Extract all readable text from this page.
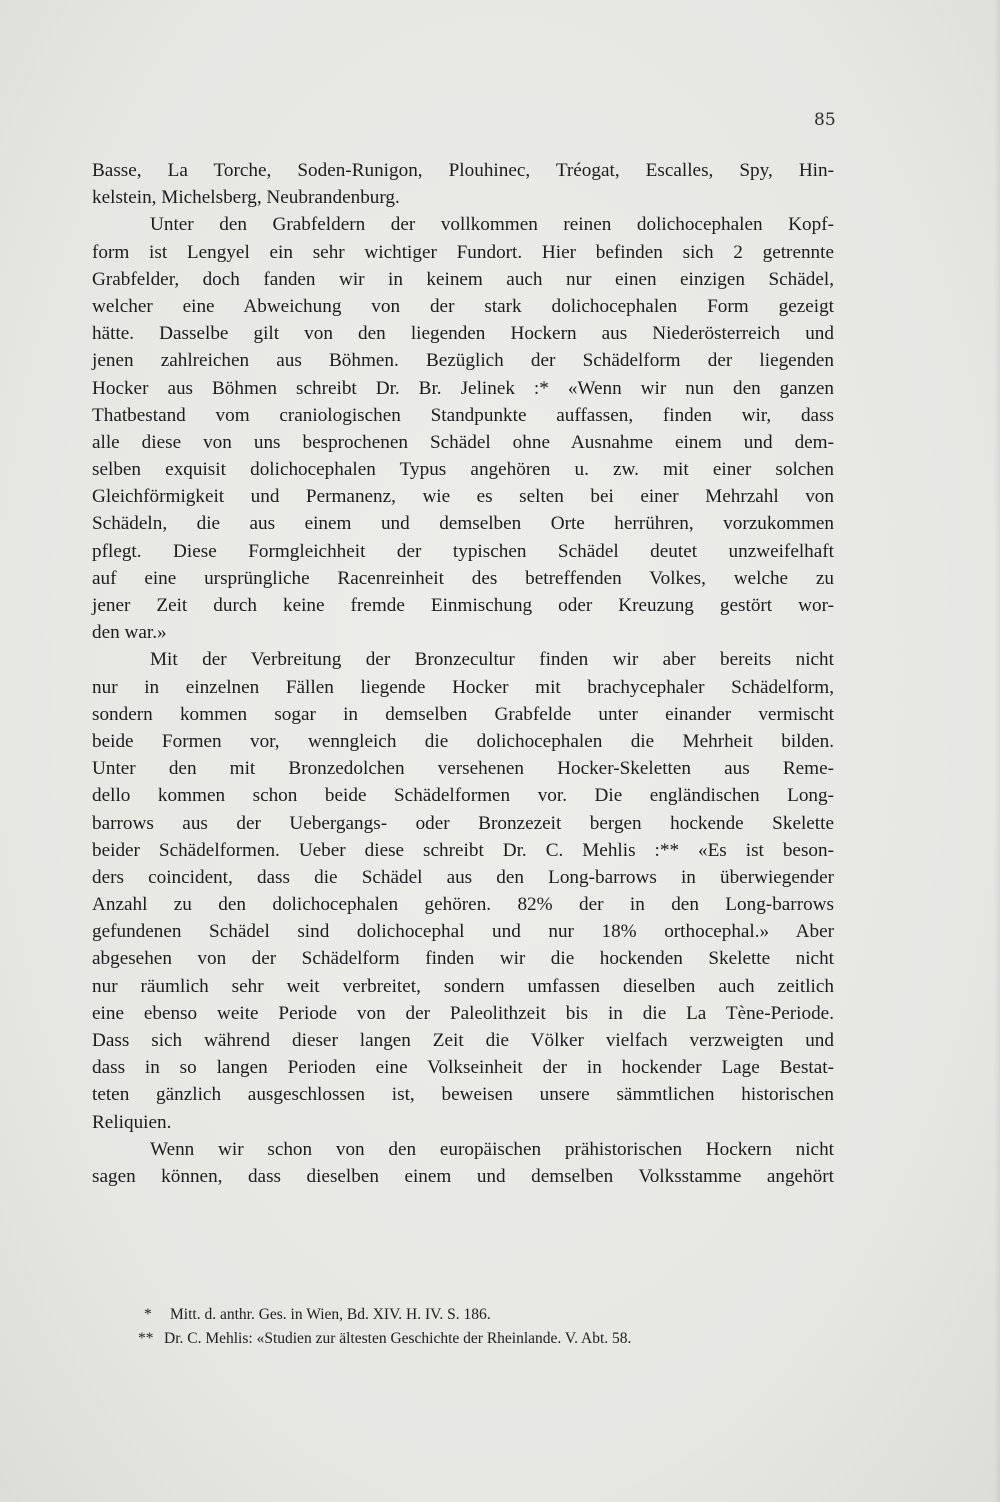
85
Basse, La Torche, Soden-Runigon, Plouhinec, Tréogat, Escalles, Spy, Hin-
kelstein, Michelsberg, Neubrandenburg.
Unter den Grabfeldern der vollkommen reinen dolichocephalen Kopf-
form ist Lengyel ein sehr wichtiger Fundort. Hier befinden sich 2 getrennte
Grabfelder, doch fanden wir in keinem auch nur einen einzigen Schädel,
welcher eine Abweichung von der stark dolichocephalen Form gezeigt
hätte. Dasselbe gilt von den liegenden Hockern aus Niederösterreich und
jenen zahlreichen aus Böhmen. Bezüglich der Schädelform der liegenden
Hocker aus Böhmen schreibt Dr. Br. Jelinek :* «Wenn wir nun den ganzen
Thatbestand vom craniologischen Standpunkte auffassen, finden wir, dass
alle diese von uns besprochenen Schädel ohne Ausnahme einem und dem-
selben exquisit dolichocephalen Typus angehören u. zw. mit einer solchen
Gleichförmigkeit und Permanenz, wie es selten bei einer Mehrzahl von
Schädeln, die aus einem und demselben Orte herrühren, vorzukommen
pflegt. Diese Formgleichheit der typischen Schädel deutet unzweifelhaft
auf eine ursprüngliche Racenreinheit des betreffenden Volkes, welche zu
jener Zeit durch keine fremde Einmischung oder Kreuzung gestört wor-
den war.»
Mit der Verbreitung der Bronzecultur finden wir aber bereits nicht
nur in einzelnen Fällen liegende Hocker mit brachycephaler Schädelform,
sondern kommen sogar in demselben Grabfelde unter einander vermischt
beide Formen vor, wenngleich die dolichocephalen die Mehrheit bilden.
Unter den mit Bronzedolchen versehenen Hocker-Skeletten aus Reme-
dello kommen schon beide Schädelformen vor. Die engländischen Long-
barrows aus der Uebergangs- oder Bronzezeit bergen hockende Skelette
beider Schädelformen. Ueber diese schreibt Dr. C. Mehlis :** «Es ist beson-
ders coincident, dass die Schädel aus den Long-barrows in überwiegender
Anzahl zu den dolichocephalen gehören. 82% der in den Long-barrows
gefundenen Schädel sind dolichocephal und nur 18% orthocephal.» Aber
abgesehen von der Schädelform finden wir die hockenden Skelette nicht
nur räumlich sehr weit verbreitet, sondern umfassen dieselben auch zeitlich
eine ebenso weite Periode von der Paleolithzeit bis in die La Tène-Periode.
Dass sich während dieser langen Zeit die Völker vielfach verzweigten und
dass in so langen Perioden eine Volkseinheit der in hockender Lage Bestat-
teten gänzlich ausgeschlossen ist, beweisen unsere sämmtlichen historischen
Reliquien.
Wenn wir schon von den europäischen prähistorischen Hockern nicht
sagen können, dass dieselben einem und demselben Volksstamme angehört
* Mitt. d. anthr. Ges. in Wien, Bd. XIV. H. IV. S. 186.
** Dr. C. Mehlis: «Studien zur ältesten Geschichte der Rheinlande. V. Abt. 58.
